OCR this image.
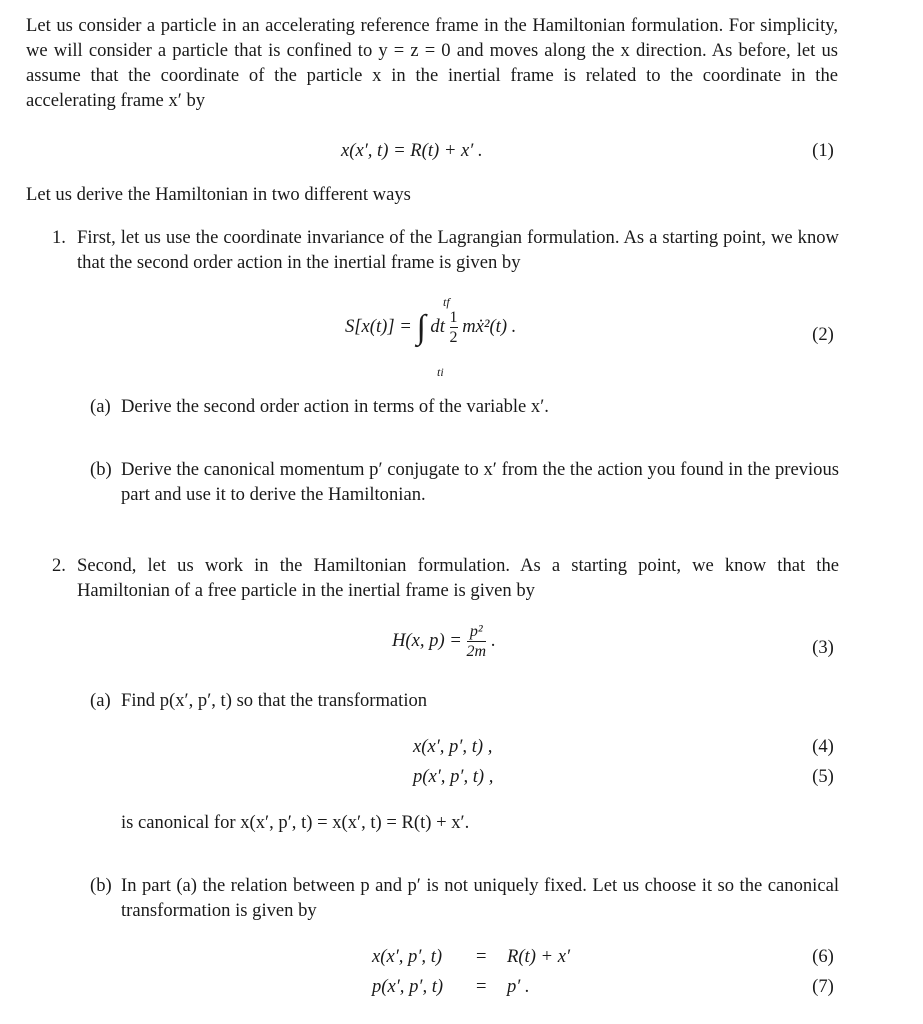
Let us consider a particle in an accelerating reference frame in the Hamiltonian formulation. For simplicity, we will consider a particle that is confined to y = z = 0 and moves along the x direction. As before, let us assume that the coordinate of the particle x in the inertial frame is related to the coordinate in the accelerating frame x′ by
x(x′, t) = R(t) + x′ .	(1)
Let us derive the Hamiltonian in two different ways
1. First, let us use the coordinate invariance of the Lagrangian formulation. As a starting point, we know that the second order action in the inertial frame is given by
S[x(t)] = ∫ dt $\frac{1}{2}$ mẋ²(t) .
tf
ti
(2)
(a) Derive the second order action in terms of the variable x′.
(b) Derive the canonical momentum p′ conjugate to x′ from the the action you found in the previous part and use it to derive the Hamiltonian.
2. Second, let us work in the Hamiltonian formulation. As a starting point, we know that the Hamiltonian of a free particle in the inertial frame is given by
H(x, $p) = \frac{\text{p²}}{2m}$ .	(3)
(a) Find p(x′, p′, t) so that the transformation
x(x′, p′, t) ,	(4)
p(x′, p′, t) ,	(5)
is canonical for x(x′, p′, t) = x(x′, t) = R(t) + x′.
(b) In part (a) the relation between p and p′ is not uniquely fixed. Let us choose it so the canonical transformation is given by
x(x′, p′, t) = R(t) + x′	(6)
p(x′, p′, t) = p′ .	(7)
